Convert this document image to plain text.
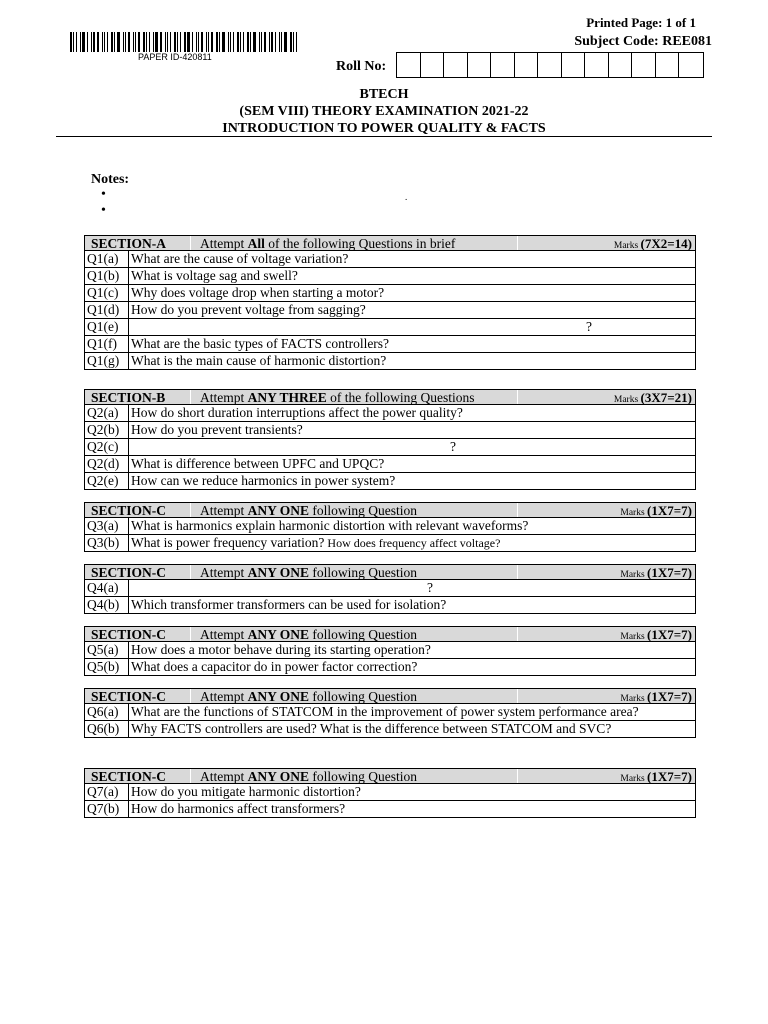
PAPER ID-420811
Printed Page: 1 of 1
Subject Code: REE081
Roll No:
BTECH
(SEM VIII) THEORY EXAMINATION 2021-22
INTRODUCTION TO POWER QUALITY & FACTS
Notes:
•
•
.
SECTION-A	Attempt All of the following Questions in brief	Marks (7X2=14)
Q1(a) What are the cause of voltage variation?
Q1(b) What is voltage sag and swell?
Q1(c) Why does voltage drop when starting a motor?
Q1(d) How do you prevent voltage from sagging?
Q1(e)	?
Q1(f)	What are the basic types of FACTS controllers?
Q1(g) What is the main cause of harmonic distortion?
SECTION-B	Attempt ANY THREE of the following Questions	Marks (3X7=21)
Q2(a) How do short duration interruptions affect the power quality?
Q2(b) How do you prevent transients?
Q2(c)	?
Q2(d) What is difference between UPFC and UPQC?
Q2(e) How can we reduce harmonics in power system?
SECTION-C	Attempt ANY ONE following Question	Marks (1X7=7)
Q3(a) What is harmonics explain harmonic distortion with relevant waveforms?
Q3(b) What is power frequency variation? How does frequency affect voltage?
SECTION-C	Attempt ANY ONE following Question	Marks (1X7=7)
Q4(a)	?
Q4(b) Which transformer transformers can be used for isolation?
SECTION-C	Attempt ANY ONE following Question	Marks (1X7=7)
Q5(a) How does a motor behave during its starting operation?
Q5(b) What does a capacitor do in power factor correction?
SECTION-C	Attempt ANY ONE following Question	Marks (1X7=7)
Q6(a) What are the functions of STATCOM in the improvement of power system performance area?
Q6(b) Why FACTS controllers are used? What is the difference between STATCOM and SVC?
SECTION-C	Attempt ANY ONE following Question	Marks (1X7=7)
Q7(a) How do you mitigate harmonic distortion?
Q7(b) How do harmonics affect transformers?
